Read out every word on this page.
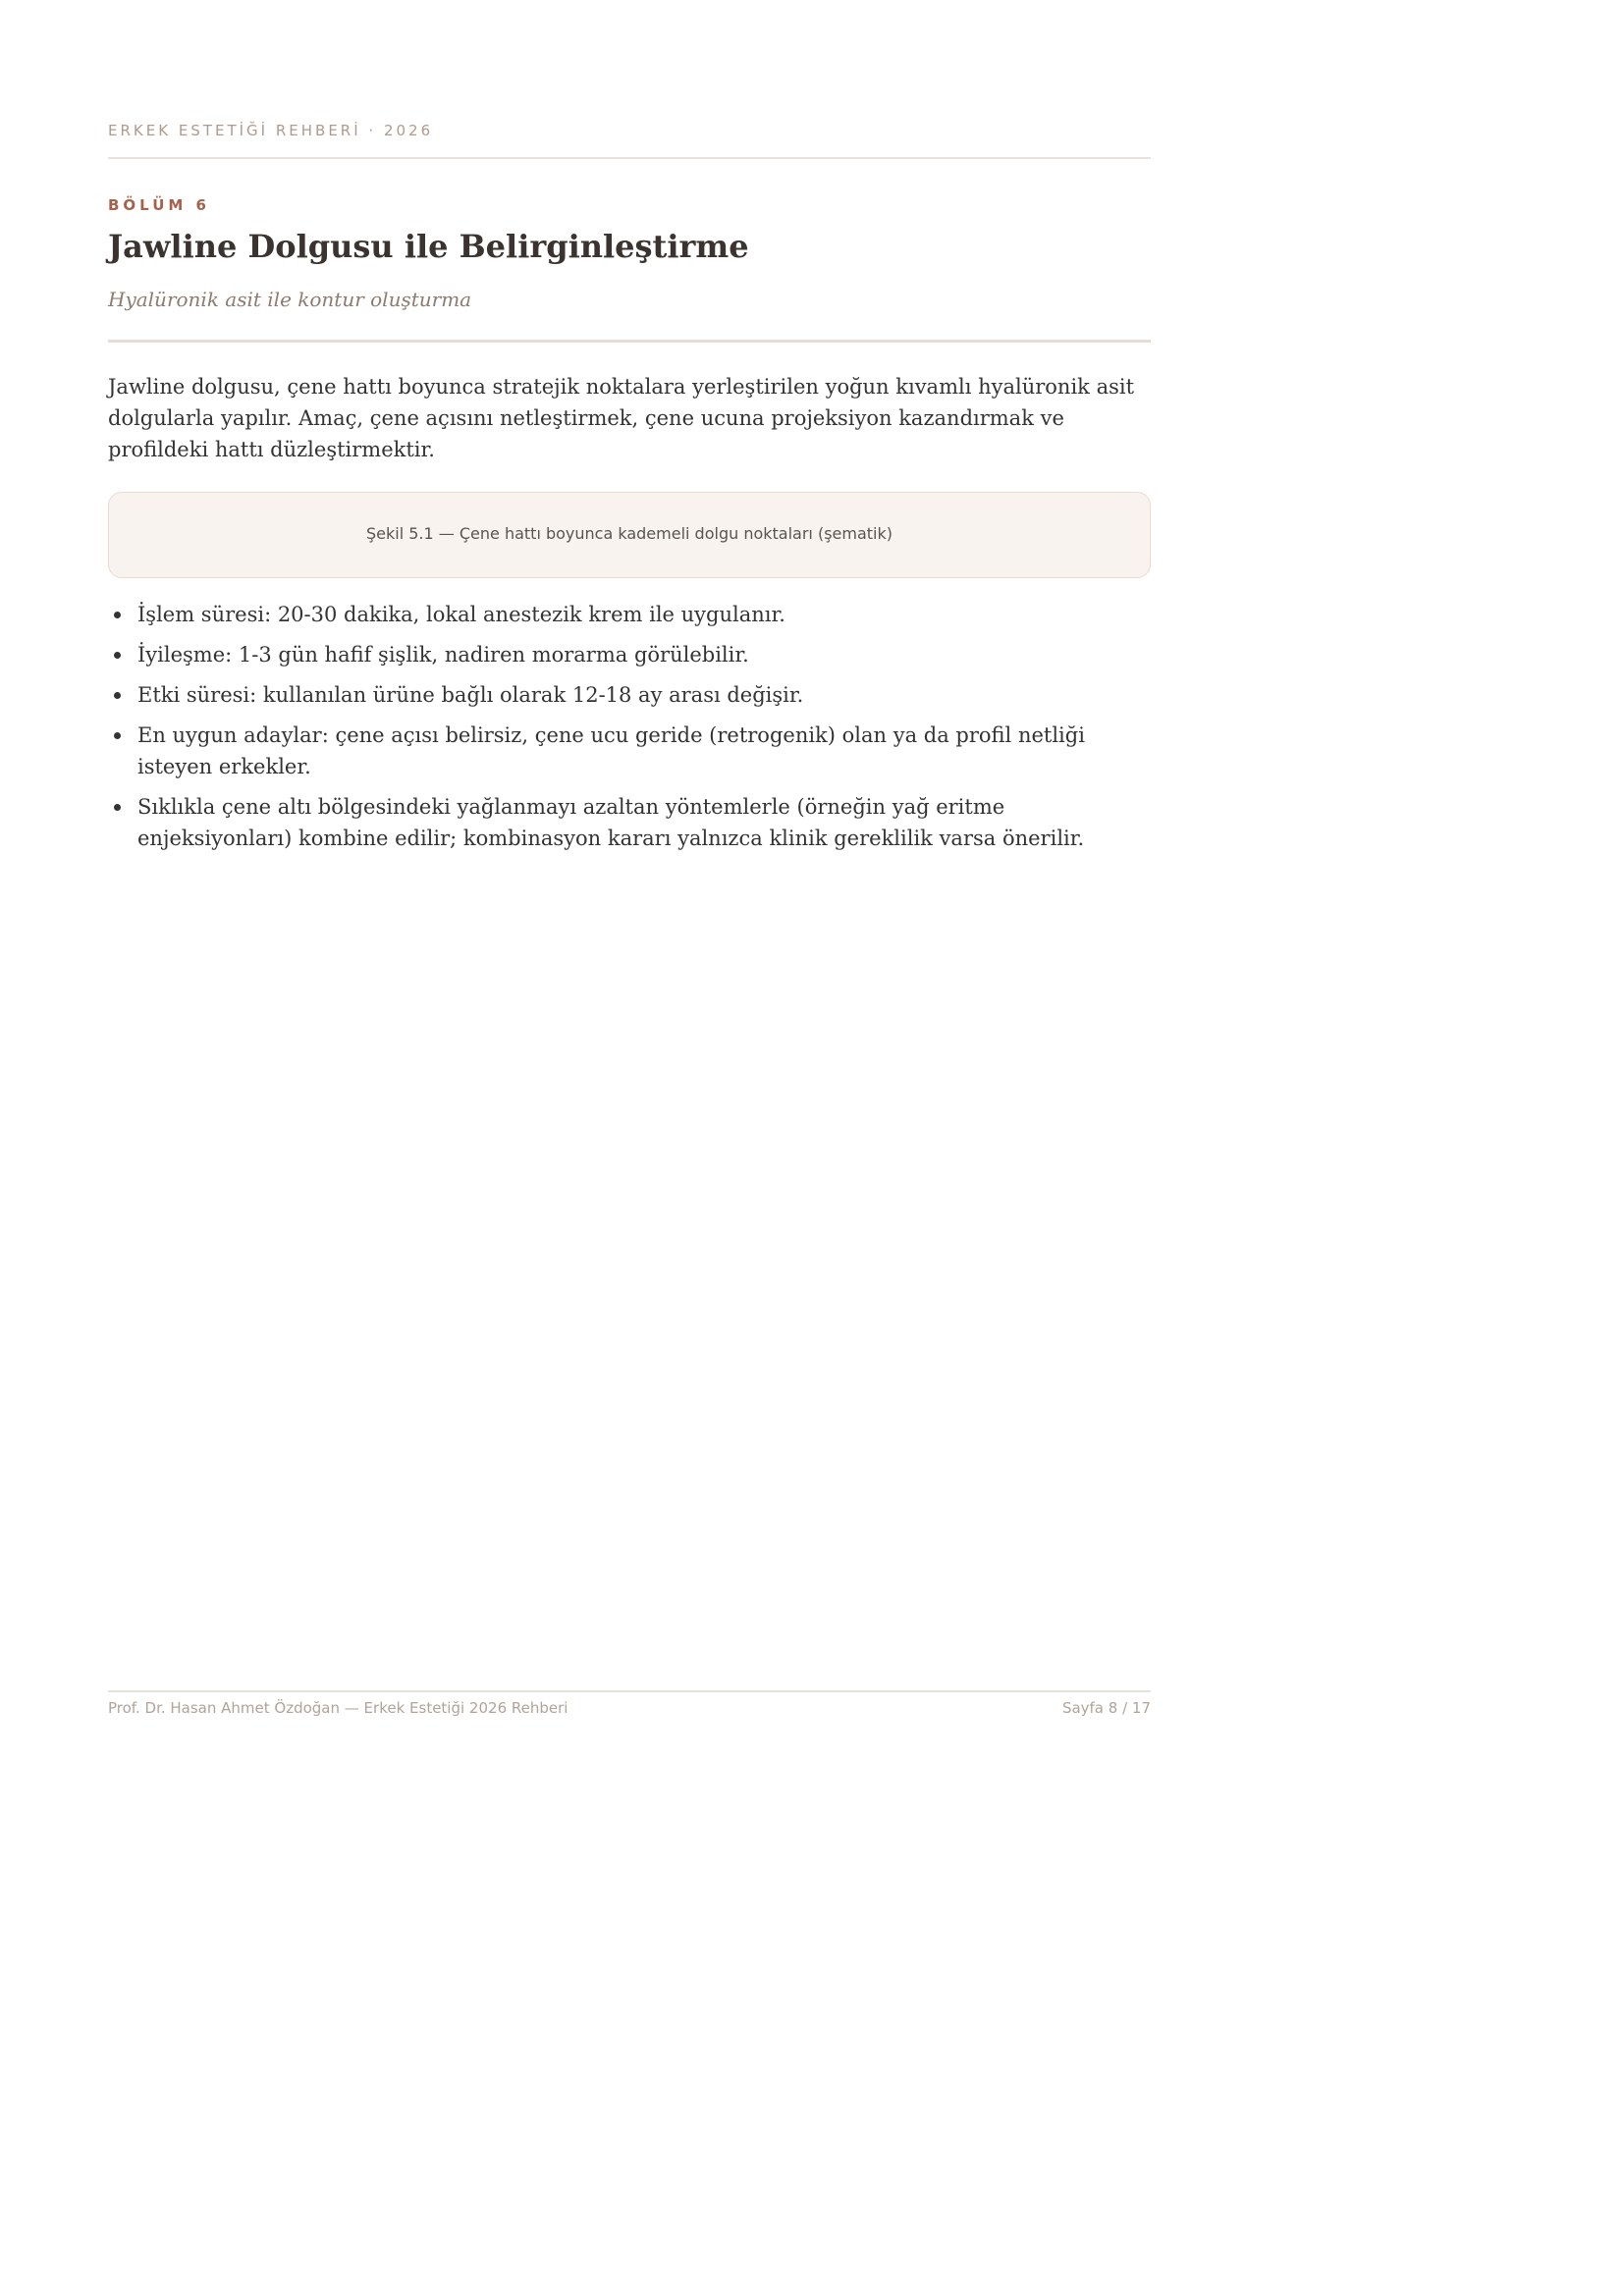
ERKEK ESTETİĞİ REHBERİ · 2026
BÖLÜM 6
Jawline Dolgusu ile Belirginleştirme
Hyalüronik asit ile kontur oluşturma

Jawline dolgusu, çene hattı boyunca stratejik noktalara yerleştirilen yoğun kıvamlı hyalüronik asit dolgularla yapılır. Amaç, çene açısını netleştirmek, çene ucuna projeksiyon kazandırmak ve profildeki hattı düzleştirmektir.

Şekil 5.1 — Çene hattı boyunca kademeli dolgu noktaları (şematik)
İşlem süresi: 20-30 dakika, lokal anestezik krem ile uygulanır.
İyileşme: 1-3 gün hafif şişlik, nadiren morarma görülebilir.
Etki süresi: kullanılan ürüne bağlı olarak 12-18 ay arası değişir.
En uygun adaylar: çene açısı belirsiz, çene ucu geride (retrogenik) olan ya da profil netliği isteyen erkekler.
Sıklıkla çene altı bölgesindeki yağlanmayı azaltan yöntemlerle (örneğin yağ eritme enjeksiyonları) kombine edilir; kombinasyon kararı yalnızca klinik gereklilik varsa önerilir.
Prof. Dr. Hasan Ahmet Özdoğan — Erkek Estetiği 2026 Rehberi	Sayfa 8 / 17
